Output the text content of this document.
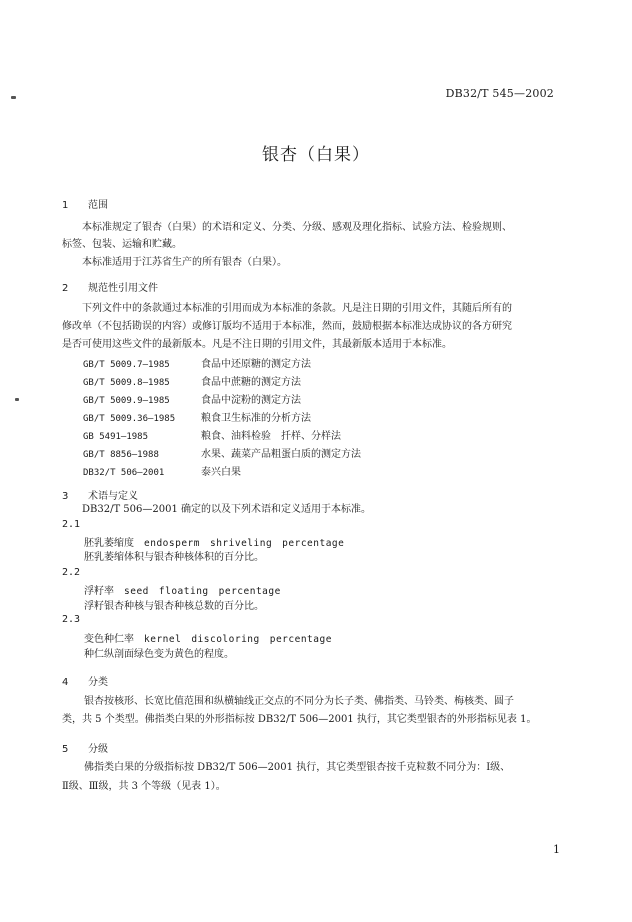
DB32/T 545—2002
银杏（白果）
1 范围
本标准规定了银杏（白果）的术语和定义、分类、分级、感观及理化指标、试验方法、检验规则、
标签、包装、运输和贮藏。
本标准适用于江苏省生产的所有银杏（白果）。
2 规范性引用文件
下列文件中的条款通过本标准的引用而成为本标准的条款。凡是注日期的引用文件，其随后所有的
修改单（不包括勘误的内容）或修订版均不适用于本标准，然而，鼓励根据本标准达成协议的各方研究
是否可使用这些文件的最新版本。凡是不注日期的引用文件，其最新版本适用于本标准。
GB/T 5009.7—1985	食品中还原糖的测定方法
GB/T 5009.8—1985	食品中蔗糖的测定方法
GB/T 5009.9—1985	食品中淀粉的测定方法
GB/T 5009.36—1985	粮食卫生标准的分析方法
GB 5491—1985	粮食、油料检验　扦样、分样法
GB/T 8856—1988	水果、蔬菜产品粗蛋白质的测定方法
DB32/T 506—2001	泰兴白果
3 术语与定义
DB32/T 506—2001 确定的以及下列术语和定义适用于本标准。
2.1
胚乳萎缩度　 endosperm　shriveling　percentage
胚乳萎缩体积与银杏种核体积的百分比。
2.2
浮籽率　 seed　floating　percentage
浮籽银杏种核与银杏种核总数的百分比。
2.3
变色种仁率　 kernel　discoloring　percentage
种仁纵剖面绿色变为黄色的程度。
4 分类
银杏按核形、长宽比值范围和纵横轴线正交点的不同分为长子类、佛指类、马铃类、梅核类、圆子
类，共 5 个类型。佛指类白果的外形指标按 DB32/T 506—2001 执行，其它类型银杏的外形指标见表 1。
5 分级
佛指类白果的分级指标按 DB32/T 506—2001 执行，其它类型银杏按千克粒数不同分为：Ⅰ级、
Ⅱ级、Ⅲ级，共 3 个等级（见表 1）。
1
